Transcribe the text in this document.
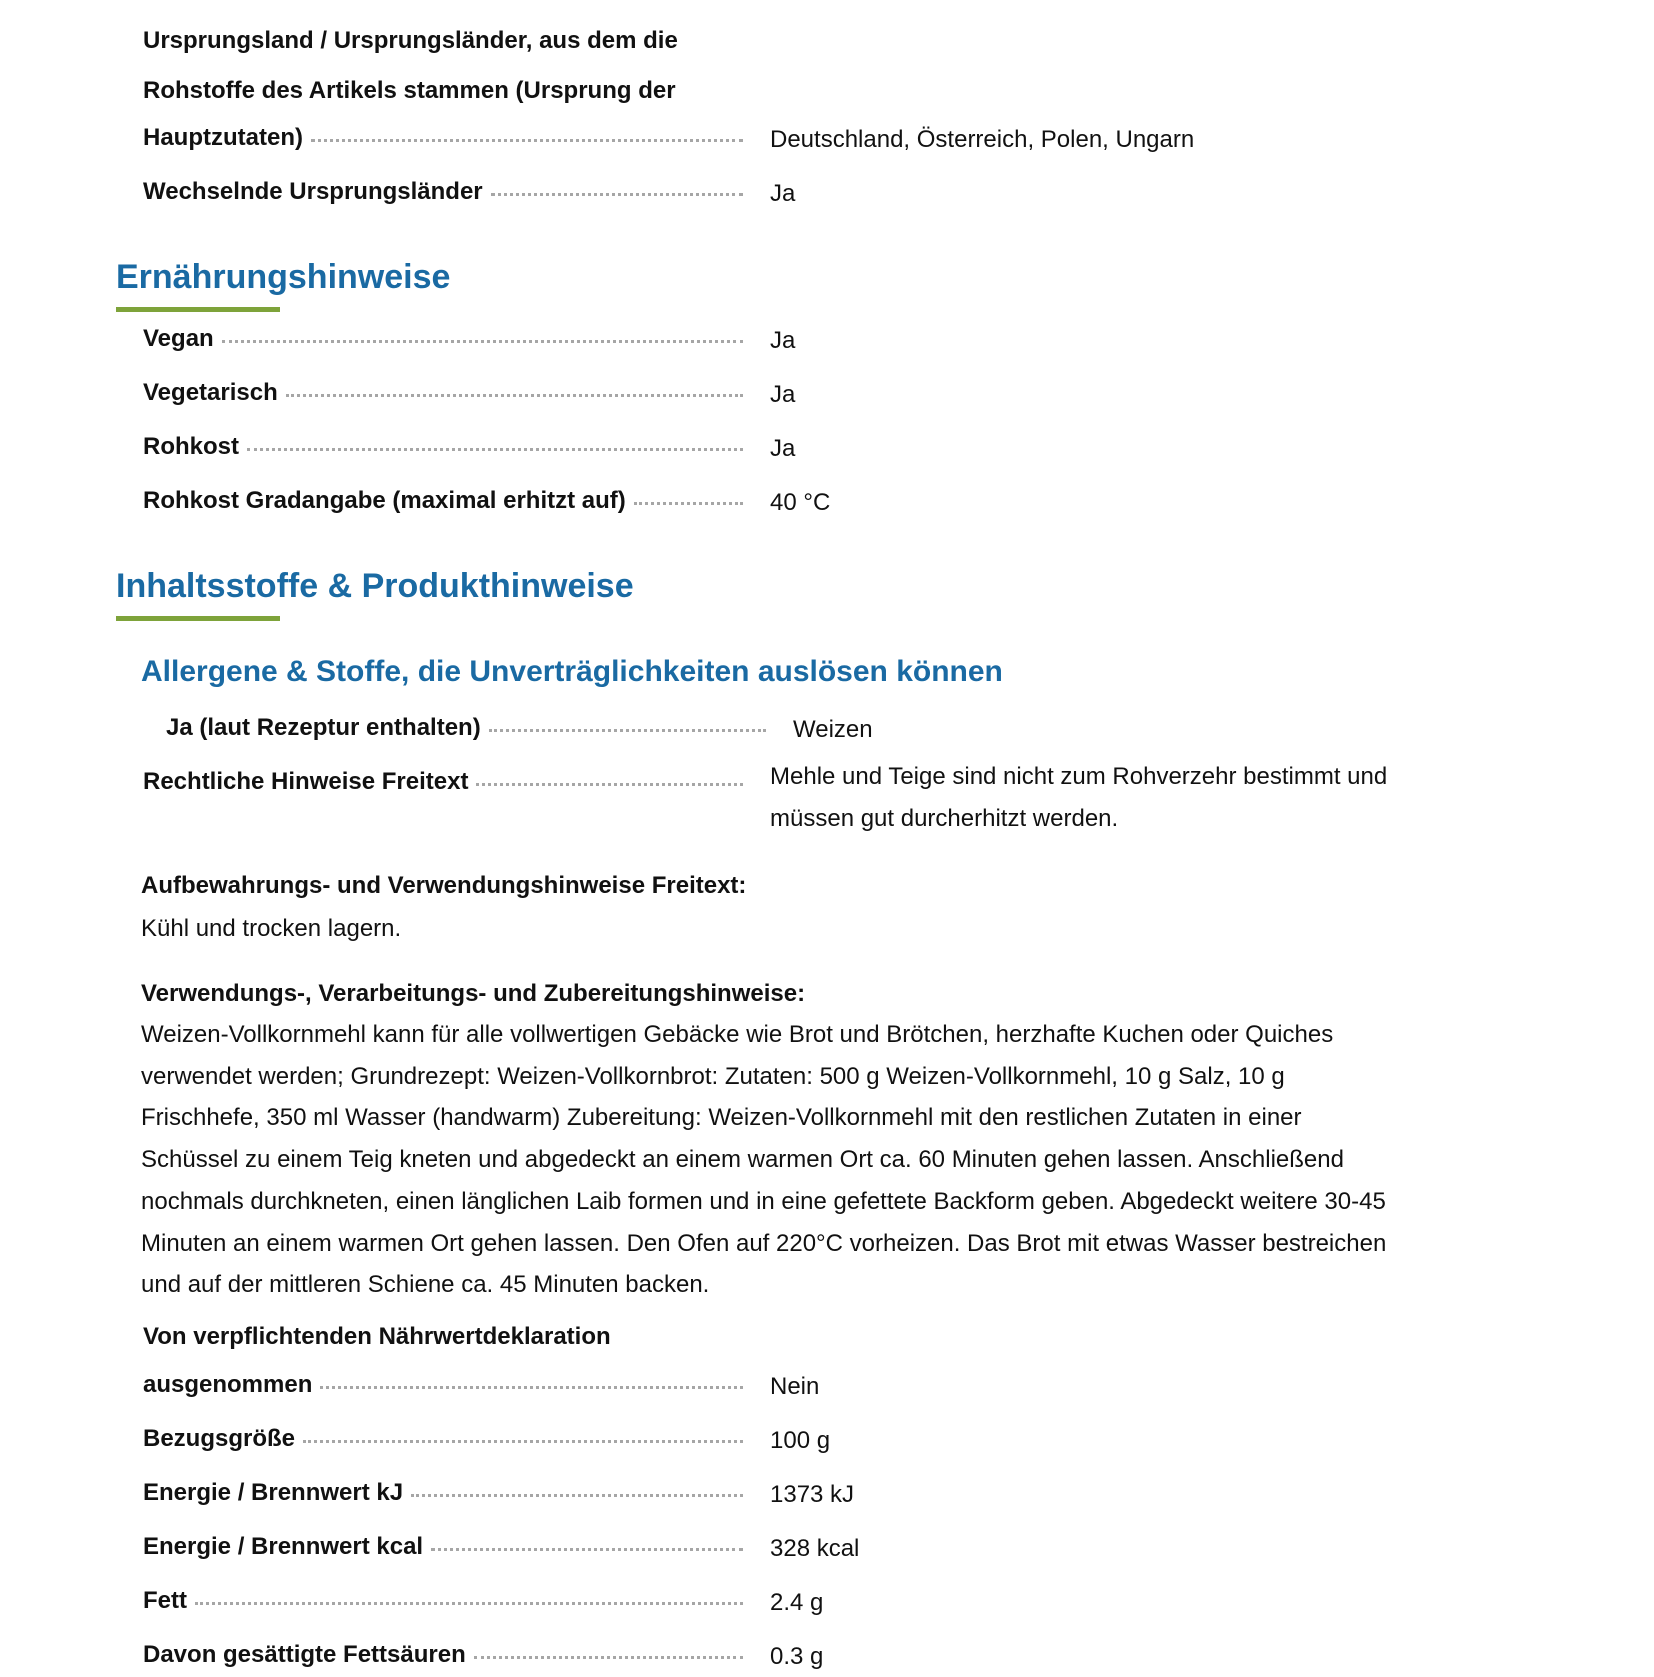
Ursprungsland / Ursprungsländer, aus dem die
Rohstoffe des Artikels stammen (Ursprung der
Hauptzutaten)	Deutschland, Österreich, Polen, Ungarn
Wechselnde Ursprungsländer	Ja
Ernährungshinweise
Vegan	Ja
Vegetarisch	Ja
Rohkost	Ja
Rohkost Gradangabe (maximal erhitzt auf)	40 °C
Inhaltsstoffe & Produkthinweise
Allergene & Stoffe, die Unverträglichkeiten auslösen können
Ja (laut Rezeptur enthalten)	Weizen
Rechtliche Hinweise Freitext	Mehle und Teige sind nicht zum Rohverzehr bestimmt und müssen gut durcherhitzt werden.
Aufbewahrungs- und Verwendungshinweise Freitext:
Kühl und trocken lagern.
Verwendungs-, Verarbeitungs- und Zubereitungshinweise:
Weizen-Vollkornmehl kann für alle vollwertigen Gebäcke wie Brot und Brötchen, herzhafte Kuchen oder Quiches verwendet werden; Grundrezept: Weizen-Vollkornbrot: Zutaten: 500 g Weizen-Vollkornmehl, 10 g Salz, 10 g Frischhefe, 350 ml Wasser (handwarm) Zubereitung: Weizen-Vollkornmehl mit den restlichen Zutaten in einer Schüssel zu einem Teig kneten und abgedeckt an einem warmen Ort ca. 60 Minuten gehen lassen. Anschließend nochmals durchkneten, einen länglichen Laib formen und in eine gefettete Backform geben. Abgedeckt weitere 30-45 Minuten an einem warmen Ort gehen lassen. Den Ofen auf 220°C vorheizen. Das Brot mit etwas Wasser bestreichen und auf der mittleren Schiene ca. 45 Minuten backen.
Von verpflichtenden Nährwertdeklaration
ausgenommen	Nein
Bezugsgröße	100 g
Energie / Brennwert kJ	1373 kJ
Energie / Brennwert kcal	328 kcal
Fett	2.4 g
Davon gesättigte Fettsäuren	0.3 g
